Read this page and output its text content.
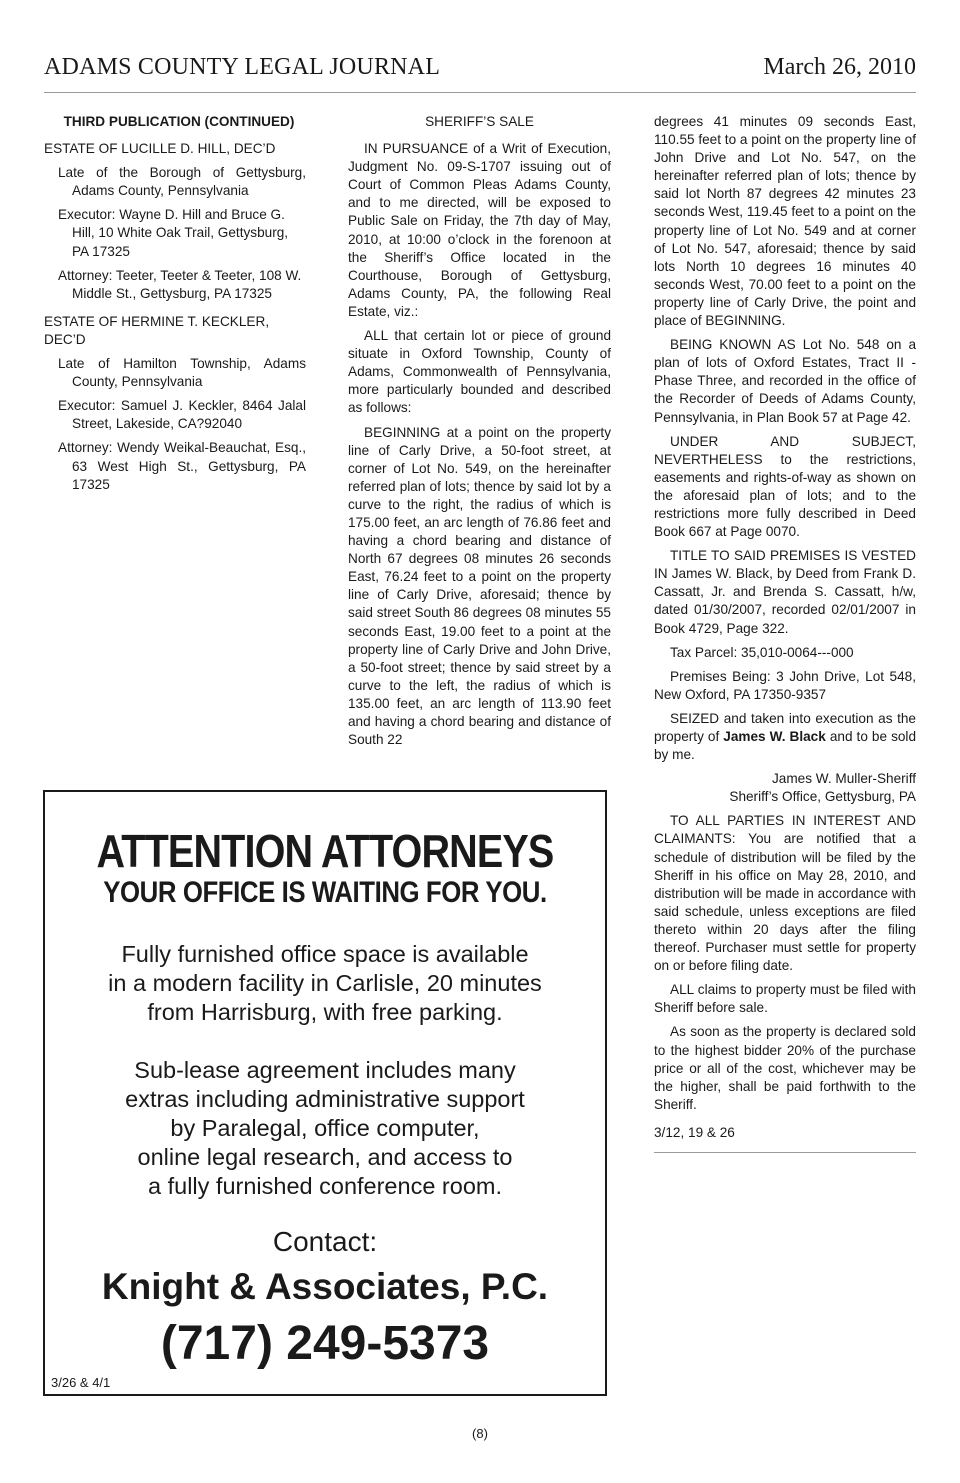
ADAMS COUNTY LEGAL JOURNAL	March 26, 2010

THIRD PUBLICATION (CONTINUED)

ESTATE OF LUCILLE D. HILL, DEC’D

Late of the Borough of Gettysburg, Adams County, Pennsylvania

Executor: Wayne D. Hill and Bruce G. Hill, 10 White Oak Trail, Gettysburg, PA 17325

Attorney: Teeter, Teeter & Teeter, 108 W. Middle St., Gettysburg, PA 17325

ESTATE OF HERMINE T. KECKLER, DEC’D

Late of Hamilton Township, Adams County, Pennsylvania

Executor: Samuel J. Keckler, 8464 Jalal Street, Lakeside, CA?92040

Attorney: Wendy Weikal-Beauchat, Esq., 63 West High St., Gettysburg, PA 17325

SHERIFF’S SALE

IN PURSUANCE of a Writ of Execution, Judgment No. 09-S-1707 issuing out of Court of Common Pleas Adams County, and to me directed, will be exposed to Public Sale on Friday, the 7th day of May, 2010, at 10:00 o’clock in the forenoon at the Sheriff’s Office located in the Courthouse, Borough of Gettysburg, Adams County, PA, the following Real Estate, viz.:

ALL that certain lot or piece of ground situate in Oxford Township, County of Adams, Commonwealth of Pennsylvania, more particularly bounded and described as follows:

BEGINNING at a point on the property line of Carly Drive, a 50-foot street, at corner of Lot No. 549, on the hereinafter referred plan of lots; thence by said lot by a curve to the right, the radius of which is 175.00 feet, an arc length of 76.86 feet and having a chord bearing and distance of North 67 degrees 08 minutes 26 seconds East, 76.24 feet to a point on the property line of Carly Drive, aforesaid; thence by said street South 86 degrees 08 minutes 55 seconds East, 19.00 feet to a point at the property line of Carly Drive and John Drive, a 50-foot street; thence by said street by a curve to the left, the radius of which is 135.00 feet, an arc length of 113.90 feet and having a chord bearing and distance of South 22

degrees 41 minutes 09 seconds East, 110.55 feet to a point on the property line of John Drive and Lot No. 547, on the hereinafter referred plan of lots; thence by said lot North 87 degrees 42 minutes 23 seconds West, 119.45 feet to a point on the property line of Lot No. 549 and at corner of Lot No. 547, aforesaid; thence by said lots North 10 degrees 16 minutes 40 seconds West, 70.00 feet to a point on the property line of Carly Drive, the point and place of BEGINNING.

BEING KNOWN AS Lot No. 548 on a plan of lots of Oxford Estates, Tract II - Phase Three, and recorded in the office of the Recorder of Deeds of Adams County, Pennsylvania, in Plan Book 57 at Page 42.

UNDER AND SUBJECT, NEVERTHELESS to the restrictions, easements and rights-of-way as shown on the aforesaid plan of lots; and to the restrictions more fully described in Deed Book 667 at Page 0070.

TITLE TO SAID PREMISES IS VESTED IN James W. Black, by Deed from Frank D. Cassatt, Jr. and Brenda S. Cassatt, h/w, dated 01/30/2007, recorded 02/01/2007 in Book 4729, Page 322.

Tax Parcel: 35,010-0064---000

Premises Being: 3 John Drive, Lot 548, New Oxford, PA 17350-9357

SEIZED and taken into execution as the property of James W. Black and to be sold by me.

James W. Muller-Sheriff

Sheriff’s Office, Gettysburg, PA

TO ALL PARTIES IN INTEREST AND CLAIMANTS: You are notified that a schedule of distribution will be filed by the Sheriff in his office on May 28, 2010, and distribution will be made in accordance with said schedule, unless exceptions are filed thereto within 20 days after the filing thereof. Purchaser must settle for property on or before filing date.

ALL claims to property must be filed with Sheriff before sale.

As soon as the property is declared sold to the highest bidder 20% of the purchase price or all of the cost, whichever may be the higher, shall be paid forthwith to the Sheriff.

3/12, 19 & 26

ATTENTION ATTORNEYS
YOUR OFFICE IS WAITING FOR YOU.
Fully furnished office space is available
in a modern facility in Carlisle, 20 minutes
from Harrisburg, with free parking.
Sub-lease agreement includes many
extras including administrative support
by Paralegal, office computer,
online legal research, and access to
a fully furnished conference room.
Contact:
Knight & Associates, P.C.
(717) 249-5373
3/26 & 4/1
(8)
